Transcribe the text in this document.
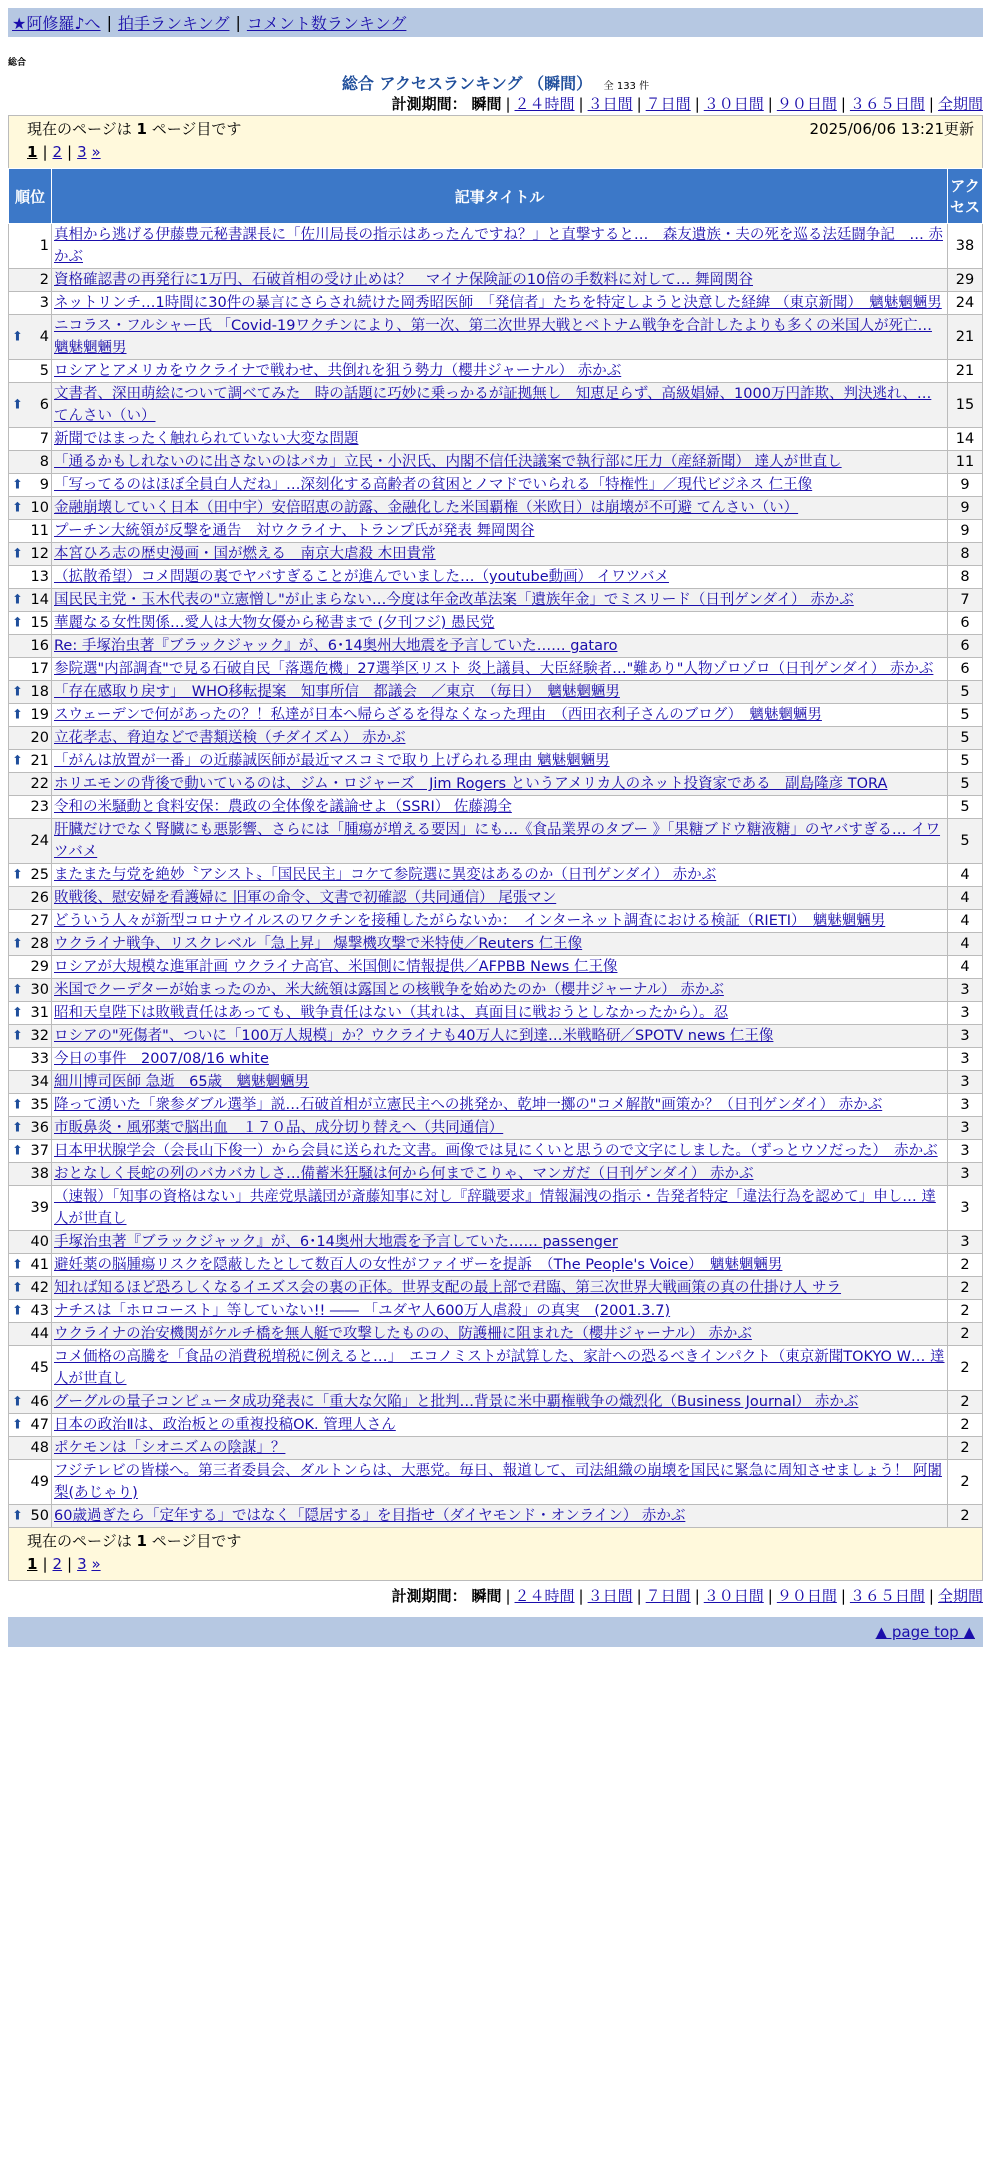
★阿修羅♪へ | 拍手ランキング | コメント数ランキング
総合
総合 アクセスランキング （瞬間） 全 133 件
計測期間： 瞬間 | ２４時間 | ３日間 | ７日間 | ３０日間 | ９０日間 | ３６５日間 | 全期間
現在のページは 1 ページ目です	2025/06/06 13:21更新
1 | 2 | 3 »
順位	記事タイトル	アクセス
1	真相から逃げる伊藤豊元秘書課長に「佐川局長の指示はあったんですね？」と直撃すると…　森友遺族・夫の死を巡る法廷闘争記　… 赤かぶ	38
2	資格確認書の再発行に1万円、石破首相の受け止めは？　マイナ保険証の10倍の手数料に対して… 舞岡関谷	29
3	ネットリンチ…1時間に30件の暴言にさらされ続けた岡秀昭医師　「発信者」たちを特定しようと決意した経緯 （東京新聞）　魑魅魍魎男	24

⬆ 4	ニコラス・フルシャー氏 「Covid-19ワクチンにより、第一次、第二次世界大戦とベトナム戦争を合計したよりも多くの米国人が死亡… 魑魅魍魎男	21
5	ロシアとアメリカをウクライナで戦わせ、共倒れを狙う勢力（櫻井ジャーナル） 赤かぶ	21

⬆ 6	文書者、深田萌絵について調べてみた　時の話題に巧妙に乗っかるが証拠無し　知恵足らず、高級娼婦、1000万円詐欺、判決逃れ、… てんさい（い）	15
7	新聞ではまったく触れられていない大変な問題	14
8	「通るかもしれないのに出さないのはバカ」立民・小沢氏、内閣不信任決議案で執行部に圧力（産経新聞） 達人が世直し	11

⬆ 9	「写ってるのはほぼ全員白人だね」…深刻化する高齢者の貧困とノマドでいられる「特権性」／現代ビジネス 仁王像	9

⬆ 10	金融崩壊していく日本（田中宇）安倍昭恵の訪露、金融化した米国覇権（米欧日）は崩壊が不可避 てんさい（い）	9
11	プーチン大統領が反撃を通告　対ウクライナ、トランプ氏が発表 舞岡関谷	9

⬆ 12	本宮ひろ志の歴史漫画・国が燃える　南京大虐殺 木田貴常	8
13	（拡散希望）コメ問題の裏でヤバすぎることが進んでいました…（youtube動画） イワツバメ	8

⬆ 14	国民民主党・玉木代表の"立憲憎し"が止まらない…今度は年金改革法案「遺族年金」でミスリード（日刊ゲンダイ） 赤かぶ	7

⬆ 15	華麗なる女性関係…愛人は大物女優から秘書まで (夕刊フジ) 愚民党	6
16	Re: 手塚治虫著『ブラックジャック』が、6･14奥州大地震を予言していた…… gataro	6
17	参院選"内部調査"で見る石破自民「落選危機」27選挙区リスト 炎上議員、大臣経験者…"難あり"人物ゾロゾロ（日刊ゲンダイ） 赤かぶ	6

⬆ 18	「存在感取り戻す」　WHO移転提案　知事所信　都議会　／東京　（毎日）　魑魅魍魎男	5

⬆ 19	スウェーデンで何があったの？！私達が日本へ帰らざるを得なくなった理由　（西田衣利子さんのブログ）　魑魅魍魎男	5
20	立花孝志、脅迫などで書類送検（チダイズム） 赤かぶ	5

⬆ 21	「がんは放置が一番」の近藤誠医師が最近マスコミで取り上げられる理由 魑魅魍魎男	5
22	ホリエモンの背後で動いているのは、ジム・ロジャーズ　Jim Rogers というアメリカ人のネット投資家である　副島隆彦 TORA	5
23	令和の米騒動と食料安保：農政の全体像を議論せよ（SSRI） 佐藤鴻全	5
24	肝臓だけでなく腎臓にも悪影響、さらには「腫瘍が増える要因」にも…《食品業界のタブー 》「果糖ブドウ糖液糖」のヤバすぎる… イワツバメ	5

⬆ 25	またまた与党を絶妙〝アシスト〟「国民民主」コケて参院選に異変はあるのか（日刊ゲンダイ） 赤かぶ	4
26	敗戦後、慰安婦を看護婦に 旧軍の命令、文書で初確認（共同通信） 尾張マン	4
27	どういう人々が新型コロナウイルスのワクチンを接種したがらないか：　インターネット調査における検証（RIETI）　魑魅魍魎男	4

⬆ 28	ウクライナ戦争、リスクレベル「急上昇」 爆撃機攻撃で米特使／Reuters 仁王像	4
29	ロシアが大規模な進軍計画 ウクライナ高官、米国側に情報提供／AFPBB News 仁王像	4

⬆ 30	米国でクーデターが始まったのか、米大統領は露国との核戦争を始めたのか（櫻井ジャーナル） 赤かぶ	3

⬆ 31	昭和天皇陛下は敗戦責任はあっても、戦争責任はない（其れは、真面目に戦おうとしなかったから）。忍	3

⬆ 32	ロシアの"死傷者"、ついに「100万人規模」か？ウクライナも40万人に到達…米戦略研／SPOTV news 仁王像	3
33	今日の事件　2007/08/16 white	3
34	細川博司医師 急逝　65歳　魑魅魍魎男	3

⬆ 35	降って湧いた「衆参ダブル選挙」説…石破首相が立憲民主への挑発か、乾坤一擲の"コメ解散"画策か？（日刊ゲンダイ） 赤かぶ	3

⬆ 36	市販鼻炎・風邪薬で脳出血　１７０品、成分切り替えへ（共同通信）	3

⬆ 37	日本甲状腺学会（会長山下俊一）から会員に送られた文書。画像では見にくいと思うので文字にしました。（ずっとウソだった）　赤かぶ	3
38	おとなしく長蛇の列のバカバカしさ…備蓄米狂騒は何から何までこりゃ、マンガだ（日刊ゲンダイ） 赤かぶ	3
39	（速報）「知事の資格はない」共産党県議団が斎藤知事に対し『辞職要求』情報漏洩の指示・告発者特定「違法行為を認めて」申し… 達人が世直し	3
40	手塚治虫著『ブラックジャック』が、6･14奥州大地震を予言していた…… passenger	3

⬆ 41	避妊薬の脳腫瘍リスクを隠蔽したとして数百人の女性がファイザーを提訴　（The People's Voice）　魑魅魍魎男	2

⬆ 42	知れば知るほど恐ろしくなるイエズス会の裏の正体。世界支配の最上部で君臨、第三次世界大戦画策の真の仕掛け人 サラ	2

⬆ 43	ナチスは「ホロコースト」等していない!! ―― 「ユダヤ人600万人虐殺」の真実　(2001.3.7)	2
44	ウクライナの治安機関がケルチ橋を無人艇で攻撃したものの、防護柵に阻まれた（櫻井ジャーナル） 赤かぶ	2
45	コメ価格の高騰を「食品の消費税増税に例えると…」　エコノミストが試算した、家計への恐るべきインパクト（東京新聞TOKYO W… 達人が世直し	2

⬆ 46	グーグルの量子コンピュータ成功発表に「重大な欠陥」と批判…背景に米中覇権戦争の熾烈化（Business Journal） 赤かぶ	2

⬆ 47	日本の政治Ⅱは、政治板との重複投稿OK. 管理人さん	2
48	ポケモンは「シオニズムの陰謀」？	2
49	フジテレビの皆様へ。第三者委員会、ダルトンらは、大悪党。毎日、報道して、司法組織の崩壊を国民に緊急に周知させましょう！ 阿闍梨(あじゃり)	2

⬆ 50	60歳過ぎたら「定年する」ではなく「隠居する」を目指せ（ダイヤモンド・オンライン） 赤かぶ	2
現在のページは 1 ページ目です
1 | 2 | 3 »
計測期間： 瞬間 | ２４時間 | ３日間 | ７日間 | ３０日間 | ９０日間 | ３６５日間 | 全期間
▲ page top ▲
